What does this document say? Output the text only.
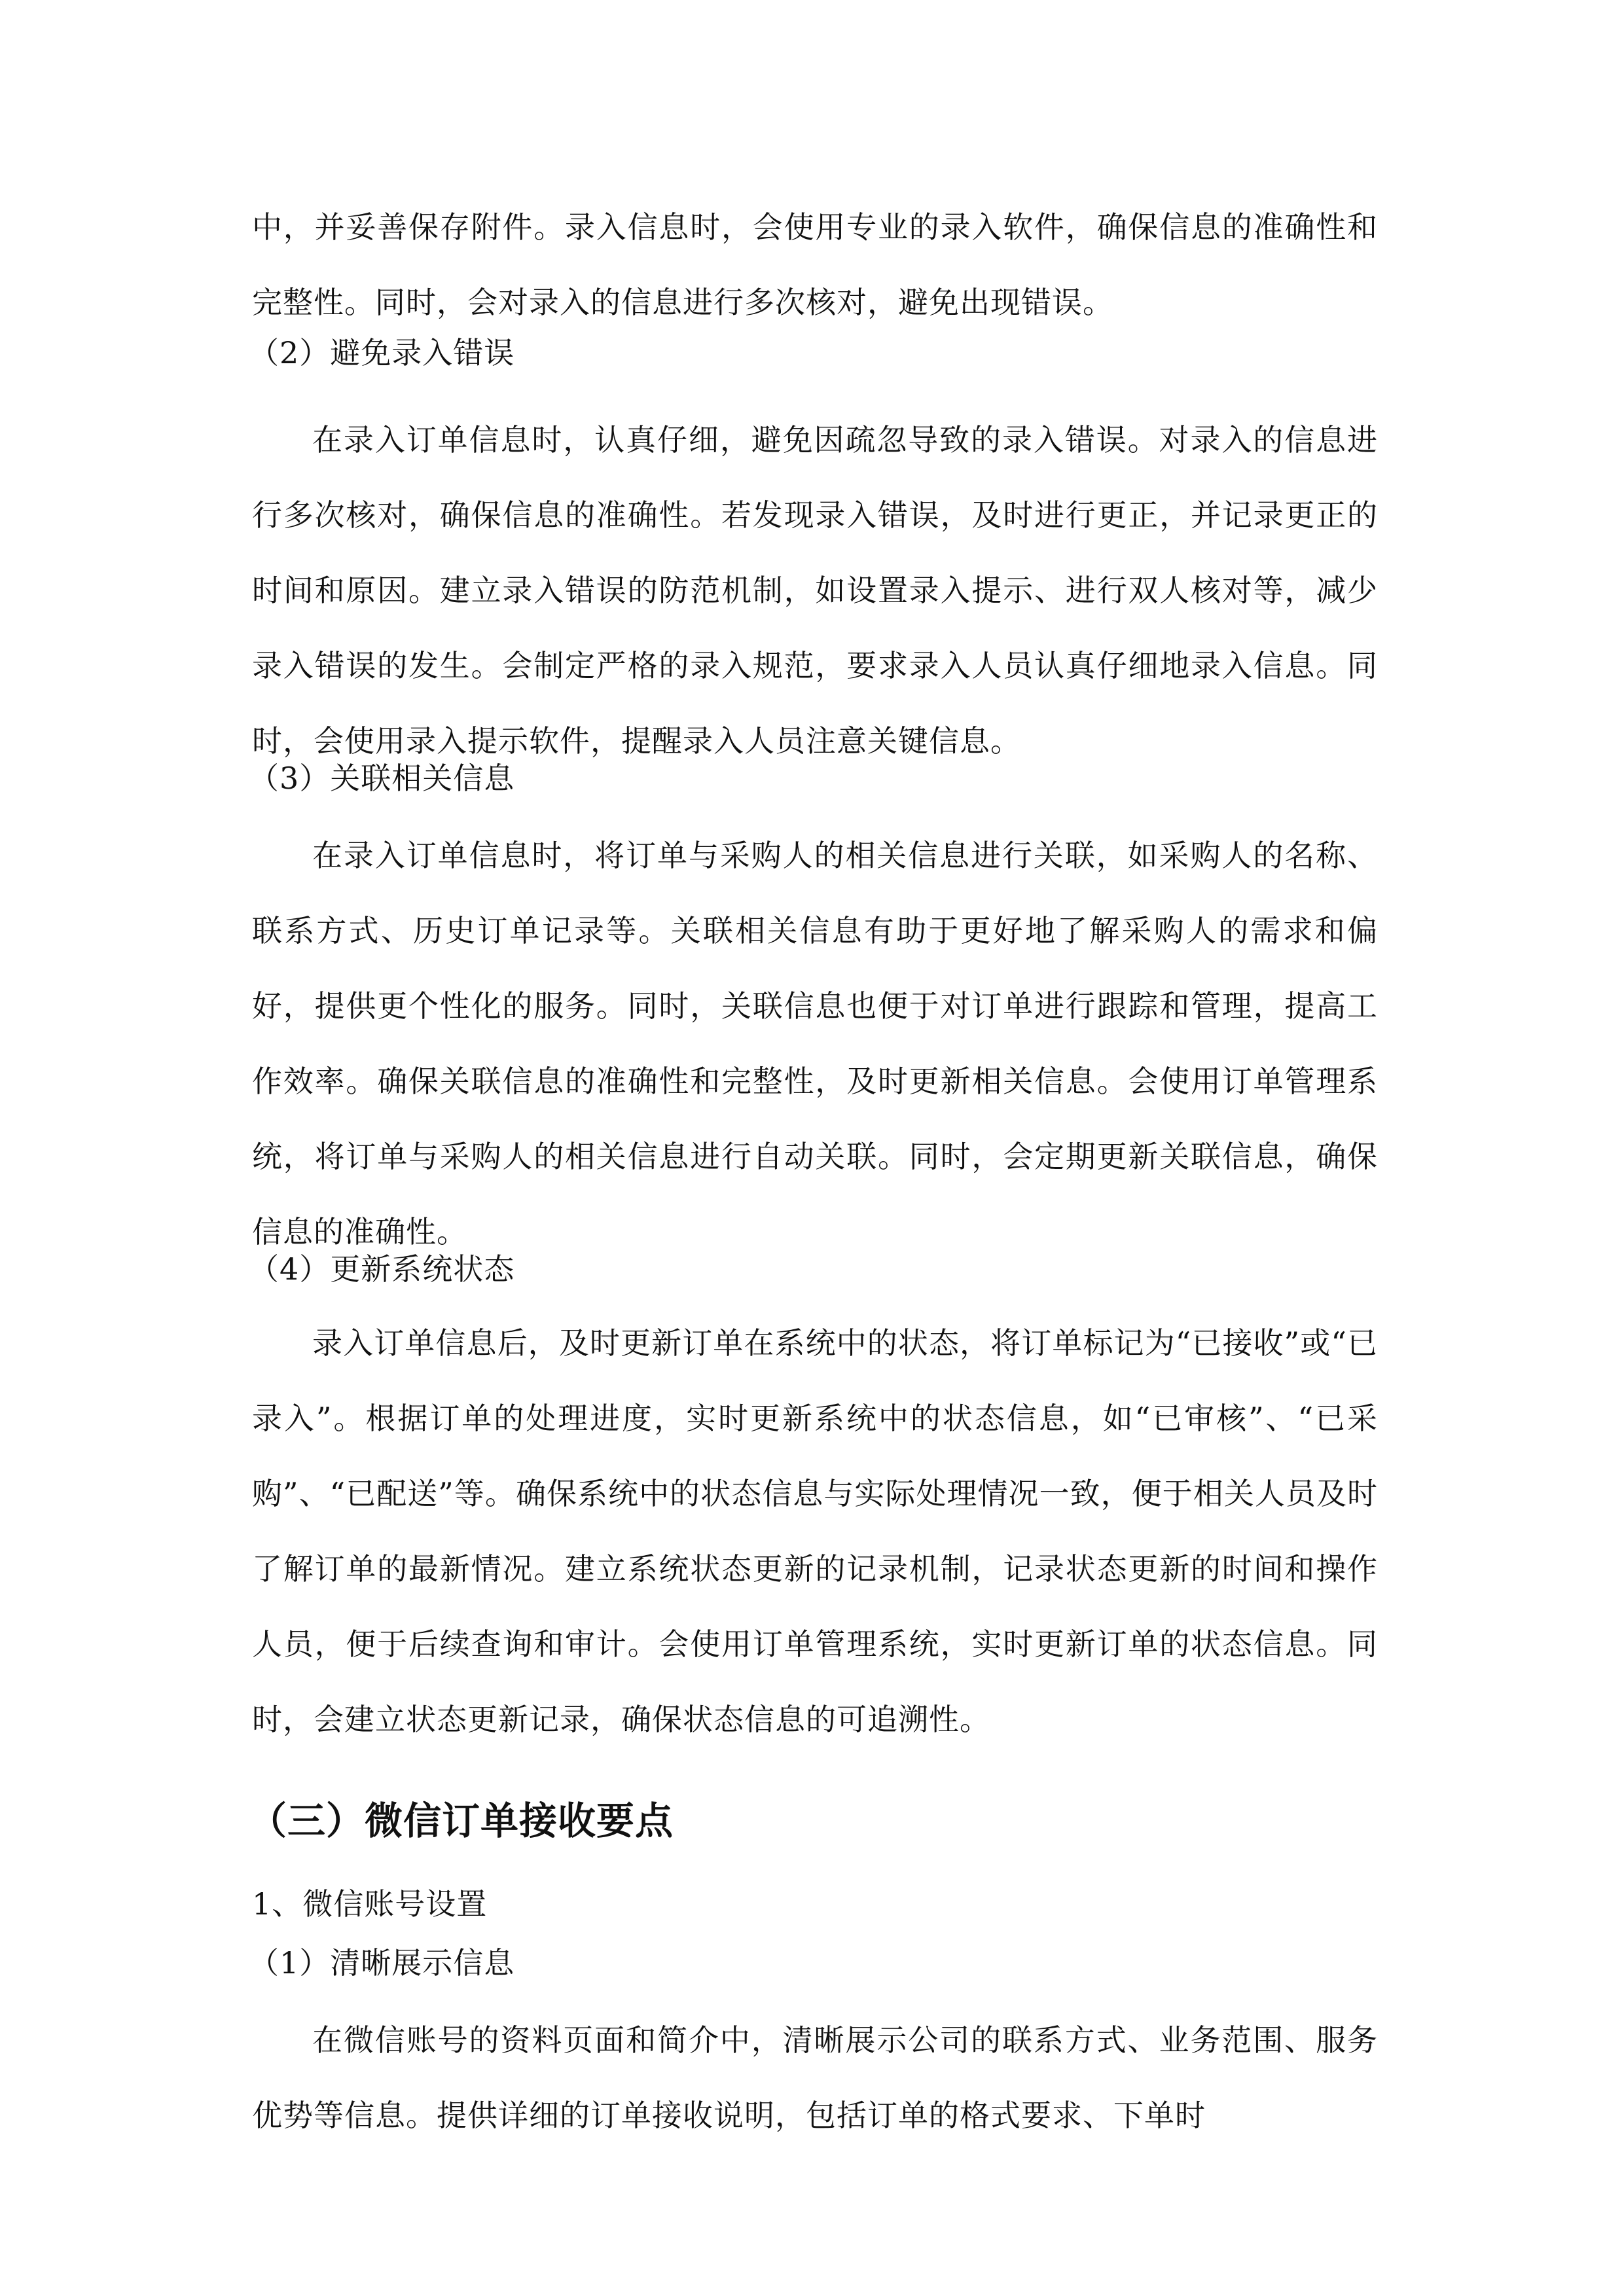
中，并妥善保存附件。录入信息时，会使用专业的录入软件，确保信息的准确性和完整性。同时，会对录入的信息进行多次核对，避免出现错误。

（2）避免录入错误

在录入订单信息时，认真仔细，避免因疏忽导致的录入错误。对录入的信息进行多次核对，确保信息的准确性。若发现录入错误，及时进行更正，并记录更正的时间和原因。建立录入错误的防范机制，如设置录入提示、进行双人核对等，减少录入错误的发生。会制定严格的录入规范，要求录入人员认真仔细地录入信息。同时，会使用录入提示软件，提醒录入人员注意关键信息。

（3）关联相关信息

在录入订单信息时，将订单与采购人的相关信息进行关联，如采购人的名称、联系方式、历史订单记录等。关联相关信息有助于更好地了解采购人的需求和偏好，提供更个性化的服务。同时，关联信息也便于对订单进行跟踪和管理，提高工作效率。确保关联信息的准确性和完整性，及时更新相关信息。会使用订单管理系统，将订单与采购人的相关信息进行自动关联。同时，会定期更新关联信息，确保信息的准确性。

（4）更新系统状态

录入订单信息后，及时更新订单在系统中的状态，将订单标记为“已接收”或“已录入”。根据订单的处理进度，实时更新系统中的状态信息，如“已审核”、“已采购”、“已配送”等。确保系统中的状态信息与实际处理情况一致，便于相关人员及时了解订单的最新情况。建立系统状态更新的记录机制，记录状态更新的时间和操作人员，便于后续查询和审计。会使用订单管理系统，实时更新订单的状态信息。同时，会建立状态更新记录，确保状态信息的可追溯性。

（三）微信订单接收要点

1、微信账号设置

（1）清晰展示信息

在微信账号的资料页面和简介中，清晰展示公司的联系方式、业务范围、服务优势等信息。提供详细的订单接收说明，包括订单的格式要求、下单时
